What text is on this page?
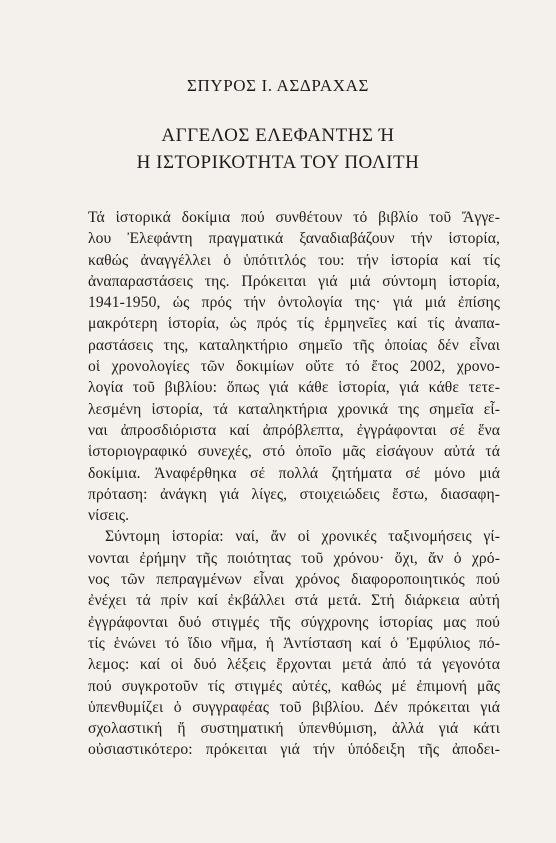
ΣΠΥΡΟΣ Ι. ΑΣΔΡΑΧΑΣ
ΑΓΓΕΛΟΣ ΕΛΕΦΑΝΤΗΣ Ή
Η ΙΣΤΟΡΙΚΟΤΗΤΑ ΤΟΥ ΠΟΛΙΤΗ
Τά ἱστορικά δοκίμια πού συνθέτουν τό βιβλίο τοῦ Ἄγγε-
λου Ἐλεφάντη πραγματικά ξαναδιαβάζουν τήν ἱστορία,
καθώς ἀναγγέλλει ὁ ὑπότιτλός του: τήν ἱστορία καί τίς
ἀναπαραστάσεις της. Πρόκειται γιά μιά σύντομη ἱστορία,
1941-1950, ὡς πρός τήν ὀντολογία της· γιά μιά ἐπίσης
μακρότερη ἱστορία, ὡς πρός τίς ἑρμηνεῖες καί τίς ἀναπα-
ραστάσεις της, καταληκτήριο σημεῖο τῆς ὁποίας δέν εἶναι
οἱ χρονολογίες τῶν δοκιμίων οὔτε τό ἔτος 2002, χρονο-
λογία τοῦ βιβλίου: ὅπως γιά κάθε ἱστορία, γιά κάθε τετε-
λεσμένη ἱστορία, τά καταληκτήρια χρονικά της σημεῖα εἶ-
ναι ἀπροσδιόριστα καί ἀπρόβλεπτα, ἐγγράφονται σέ ἕνα
ἱστοριογραφικό συνεχές, στό ὁποῖο μᾶς εἰσάγουν αὐτά τά
δοκίμια. Ἀναφέρθηκα σέ πολλά ζητήματα σέ μόνο μιά
πρόταση: ἀνάγκη γιά λίγες, στοιχειώδεις ἔστω, διασαφη-
νίσεις.
Σύντομη ἱστορία: ναί, ἄν οἱ χρονικές ταξινομήσεις γί-
νονται ἐρήμην τῆς ποιότητας τοῦ χρόνου· ὄχι, ἄν ὁ χρό-
νος τῶν πεπραγμένων εἶναι χρόνος διαφοροποιητικός πού
ἐνέχει τά πρίν καί ἐκβάλλει στά μετά. Στή διάρκεια αὐτή
ἐγγράφονται δυό στιγμές τῆς σύγχρονης ἱστορίας μας πού
τίς ἑνώνει τό ἴδιο νῆμα, ἡ Ἀντίσταση καί ὁ Ἐμφύλιος πό-
λεμος: καί οἱ δυό λέξεις ἔρχονται μετά ἀπό τά γεγονότα
πού συγκροτοῦν τίς στιγμές αὐτές, καθώς μέ ἐπιμονή μᾶς
ὑπενθυμίζει ὁ συγγραφέας τοῦ βιβλίου. Δέν πρόκειται γιά
σχολαστική ἤ συστηματική ὑπενθύμιση, ἀλλά γιά κάτι
οὐσιαστικότερο: πρόκειται γιά τήν ὑπόδειξη τῆς ἀποδει-
